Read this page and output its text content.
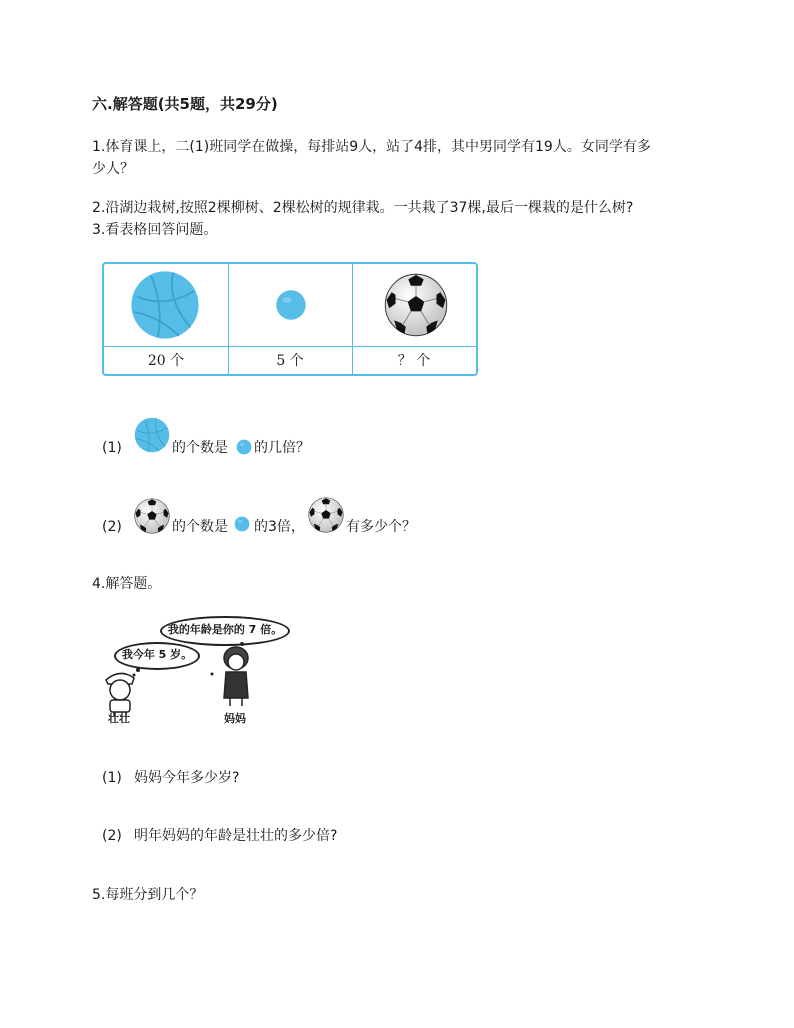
六.解答题(共5题，共29分)
1.体育课上，二(1)班同学在做操，每排站9人，站了4排，其中男同学有19人。女同学有多
少人？
2.沿湖边栽树,按照2棵柳树、2棵松树的规律栽。一共栽了37棵,最后一棵栽的是什么树?
3.看表格回答问题。
20 个	5 个	？ 个
(1)	的个数是 的几倍？
(2)	的个数是 的3倍，	有多少个？
4.解答题。
我的年龄是你的 7 倍。
我今年 5 岁。
壮壮	妈妈
(1) 妈妈今年多少岁?
(2) 明年妈妈的年龄是壮壮的多少倍?
5.每班分到几个？
